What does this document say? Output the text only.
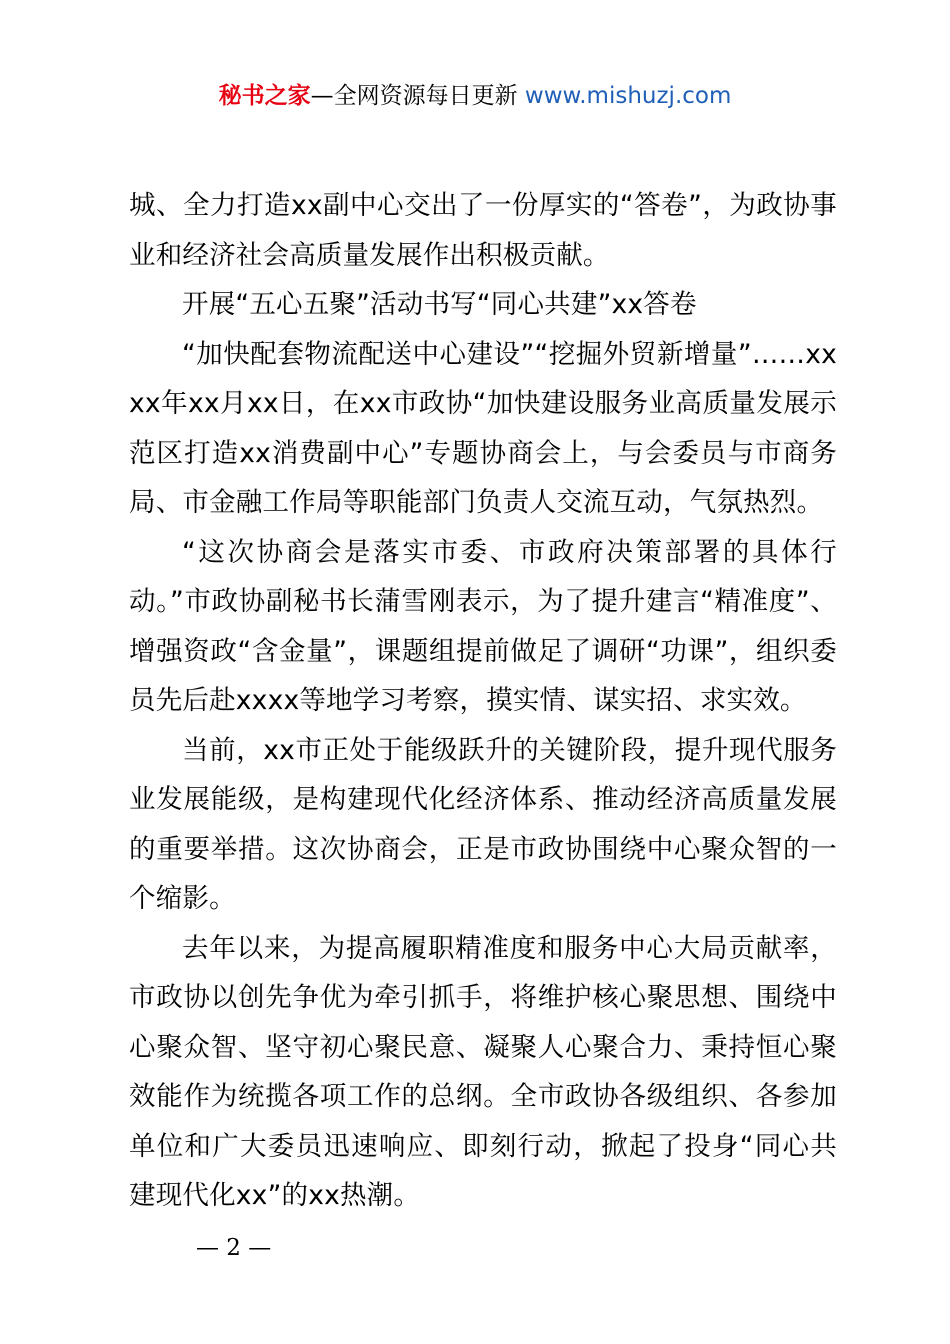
秘书之家—全网资源每日更新 www.mishuzj.com

城、全力打造xx副中心交出了一份厚实的“答卷”，为政协事业和经济社会高质量发展作出积极贡献。

开展“五心五聚”活动书写“同心共建”xx答卷

“加快配套物流配送中心建设”“挖掘外贸新增量”……xxxx年xx月xx日，在xx市政协“加快建设服务业高质量发展示范区打造xx消费副中心”专题协商会上，与会委员与市商务局、市金融工作局等职能部门负责人交流互动，气氛热烈。

“这次协商会是落实市委、市政府决策部署的具体行动。”市政协副秘书长蒲雪刚表示，为了提升建言“精准度”、增强资政“含金量”，课题组提前做足了调研“功课”，组织委员先后赴xxxx等地学习考察，摸实情、谋实招、求实效。

当前，xx市正处于能级跃升的关键阶段，提升现代服务业发展能级，是构建现代化经济体系、推动经济高质量发展的重要举措。这次协商会，正是市政协围绕中心聚众智的一个缩影。

去年以来，为提高履职精准度和服务中心大局贡献率，市政协以创先争优为牵引抓手，将维护核心聚思想、围绕中心聚众智、坚守初心聚民意、凝聚人心聚合力、秉持恒心聚效能作为统揽各项工作的总纲。全市政协各级组织、各参加单位和广大委员迅速响应、即刻行动，掀起了投身“同心共建现代化xx”的xx热潮。

— 2 —
